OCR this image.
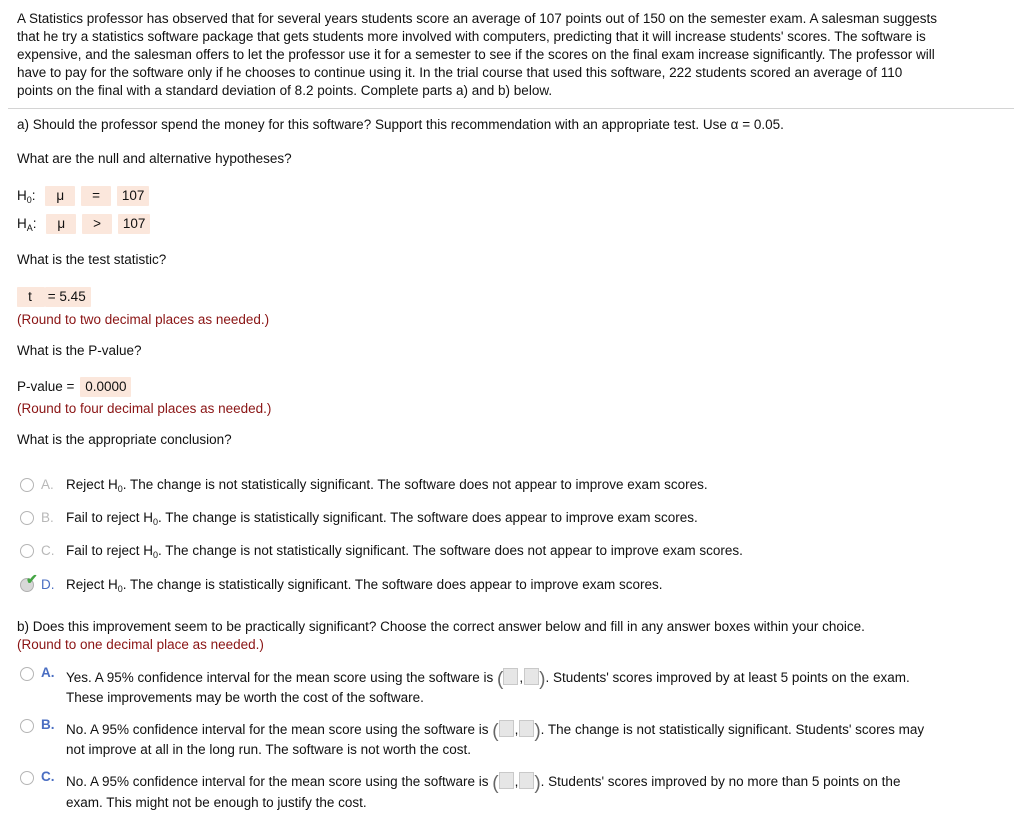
A Statistics professor has observed that for several years students score an average of 107 points out of 150 on the semester exam. A salesman suggests
that he try a statistics software package that gets students more involved with computers, predicting that it will increase students' scores. The software is
expensive, and the salesman offers to let the professor use it for a semester to see if the scores on the final exam increase significantly. The professor will
have to pay for the software only if he chooses to continue using it. In the trial course that used this software, 222 students scored an average of 110
points on the final with a standard deviation of 8.2 points. Complete parts a) and b) below.
a) Should the professor spend the money for this software? Support this recommendation with an appropriate test. Use α = 0.05.
What are the null and alternative hypotheses?
$H_0$: μ = 107
$H_A$: μ > 107
What is the test statistic?
t = 5.45
(Round to two decimal places as needed.)
What is the P-value?
P-value = 0.0000
(Round to four decimal places as needed.)
What is the appropriate conclusion?
A. Reject $H_0$. The change is not statistically significant. The software does not appear to improve exam scores.
B. Fail to reject $H_0$. The change is statistically significant. The software does appear to improve exam scores.
C. Fail to reject $H_0$. The change is not statistically significant. The software does not appear to improve exam scores.
✔ D. Reject $H_0$. The change is statistically significant. The software does appear to improve exam scores.
b) Does this improvement seem to be practically significant? Choose the correct answer below and fill in any answer boxes within your choice.
(Round to one decimal place as needed.)
A. Yes. A 95% confidence interval for the mean score using the software is ( , ). Students' scores improved by at least 5 points on the exam.
These improvements may be worth the cost of the software.
B. No. A 95% confidence interval for the mean score using the software is ( , ). The change is not statistically significant. Students' scores may
not improve at all in the long run. The software is not worth the cost.
C. No. A 95% confidence interval for the mean score using the software is ( , ). Students' scores improved by no more than 5 points on the
exam. This might not be enough to justify the cost.
